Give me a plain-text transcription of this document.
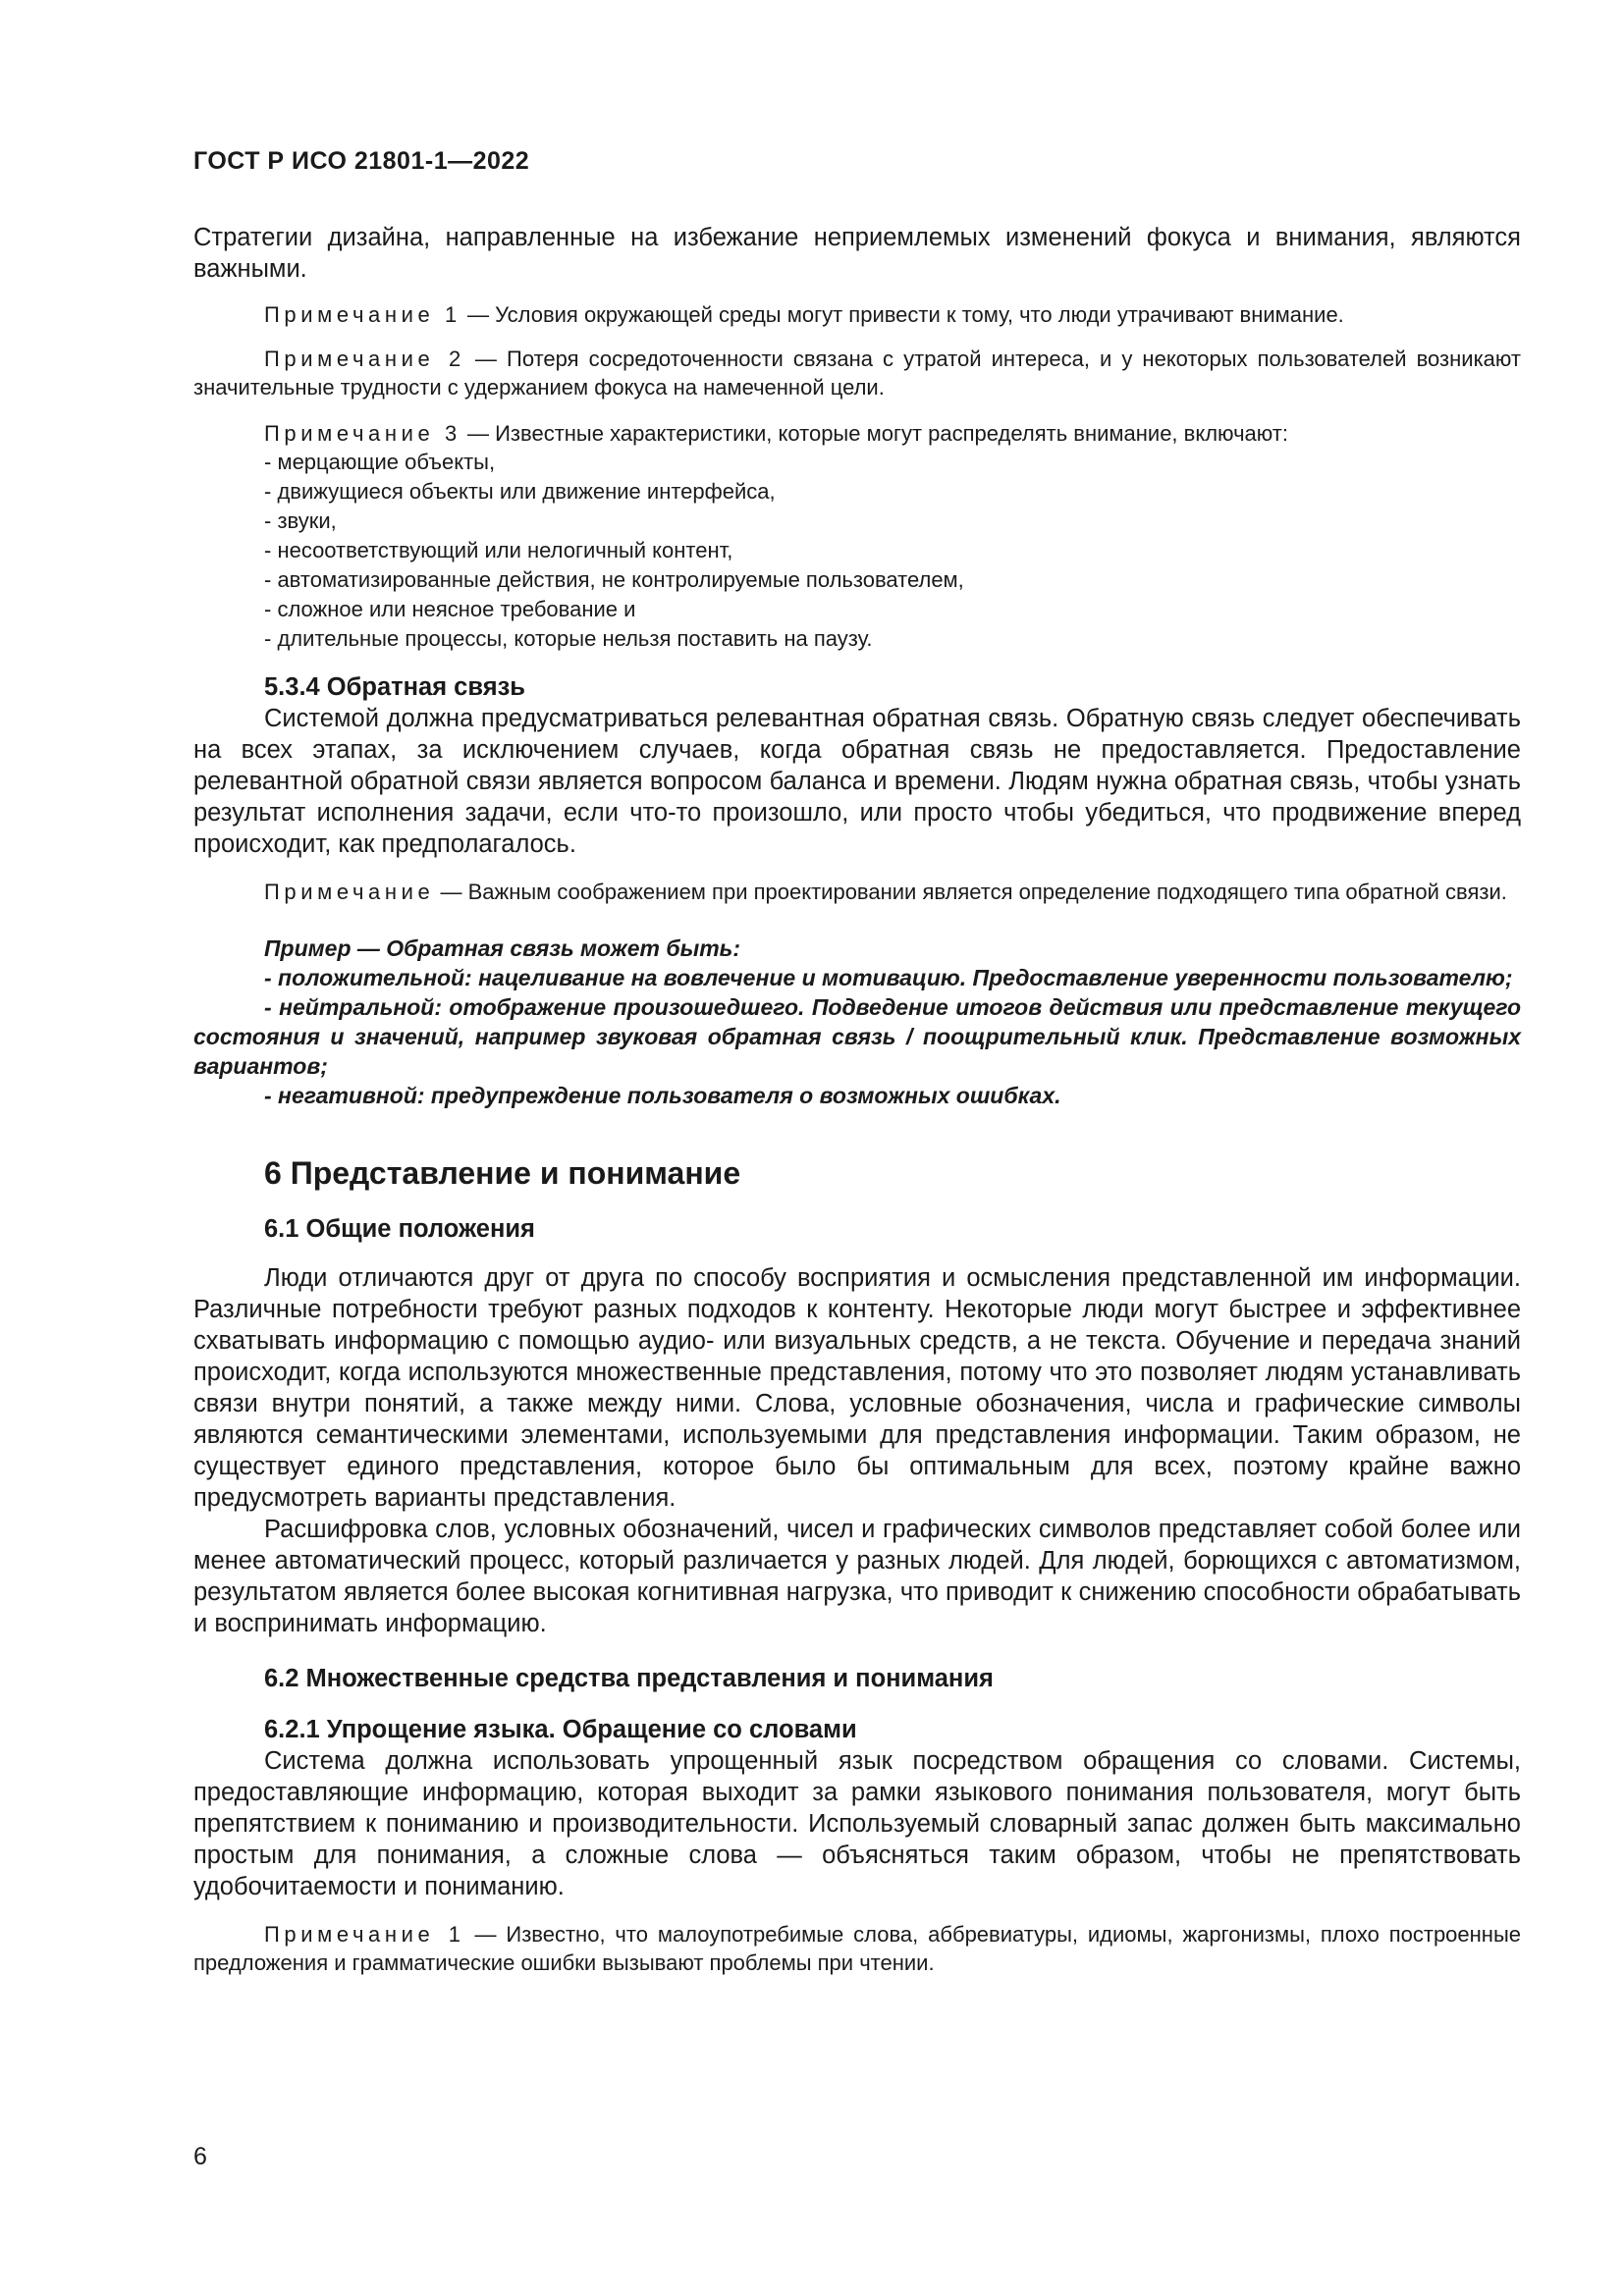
ГОСТ Р ИСО 21801-1—2022

Стратегии дизайна, направленные на избежание неприемлемых изменений фокуса и внимания, являются важными.

Примечание 1 — Условия окружающей среды могут привести к тому, что люди утрачивают внимание.

Примечание 2 — Потеря сосредоточенности связана с утратой интереса, и у некоторых пользователей возникают значительные трудности с удержанием фокуса на намеченной цели.

Примечание 3 — Известные характеристики, которые могут распределять внимание, включают:

- мерцающие объекты,
- движущиеся объекты или движение интерфейса,
- звуки,
- несоответствующий или нелогичный контент,
- автоматизированные действия, не контролируемые пользователем,
- сложное или неясное требование и
- длительные процессы, которые нельзя поставить на паузу.
5.3.4 Обратная связь

Системой должна предусматриваться релевантная обратная связь. Обратную связь следует обеспечивать на всех этапах, за исключением случаев, когда обратная связь не предоставляется. Предоставление релевантной обратной связи является вопросом баланса и времени. Людям нужна обратная связь, чтобы узнать результат исполнения задачи, если что-то произошло, или просто чтобы убедиться, что продвижение вперед происходит, как предполагалось.

Примечание — Важным соображением при проектировании является определение подходящего типа обратной связи.

Пример — Обратная связь может быть:

- положительной: нацеливание на вовлечение и мотивацию. Предоставление уверенности пользователю;

- нейтральной: отображение произошедшего. Подведение итогов действия или представление текущего состояния и значений, например звуковая обратная связь / поощрительный клик. Представление возможных вариантов;

- негативной: предупреждение пользователя о возможных ошибках.

6 Представление и понимание
6.1 Общие положения

Люди отличаются друг от друга по способу восприятия и осмысления представленной им информации. Различные потребности требуют разных подходов к контенту. Некоторые люди могут быстрее и эффективнее схватывать информацию с помощью аудио- или визуальных средств, а не текста. Обучение и передача знаний происходит, когда используются множественные представления, потому что это позволяет людям устанавливать связи внутри понятий, а также между ними. Слова, условные обозначения, числа и графические символы являются семантическими элементами, используемыми для представления информации. Таким образом, не существует единого представления, которое было бы оптимальным для всех, поэтому крайне важно предусмотреть варианты представления.

Расшифровка слов, условных обозначений, чисел и графических символов представляет собой более или менее автоматический процесс, который различается у разных людей. Для людей, борющихся с автоматизмом, результатом является более высокая когнитивная нагрузка, что приводит к снижению способности обрабатывать и воспринимать информацию.

6.2 Множественные средства представления и понимания
6.2.1 Упрощение языка. Обращение со словами

Система должна использовать упрощенный язык посредством обращения со словами. Системы, предоставляющие информацию, которая выходит за рамки языкового понимания пользователя, могут быть препятствием к пониманию и производительности. Используемый словарный запас должен быть максимально простым для понимания, а сложные слова — объясняться таким образом, чтобы не препятствовать удобочитаемости и пониманию.

Примечание 1 — Известно, что малоупотребимые слова, аббревиатуры, идиомы, жаргонизмы, плохо построенные предложения и грамматические ошибки вызывают проблемы при чтении.

6
